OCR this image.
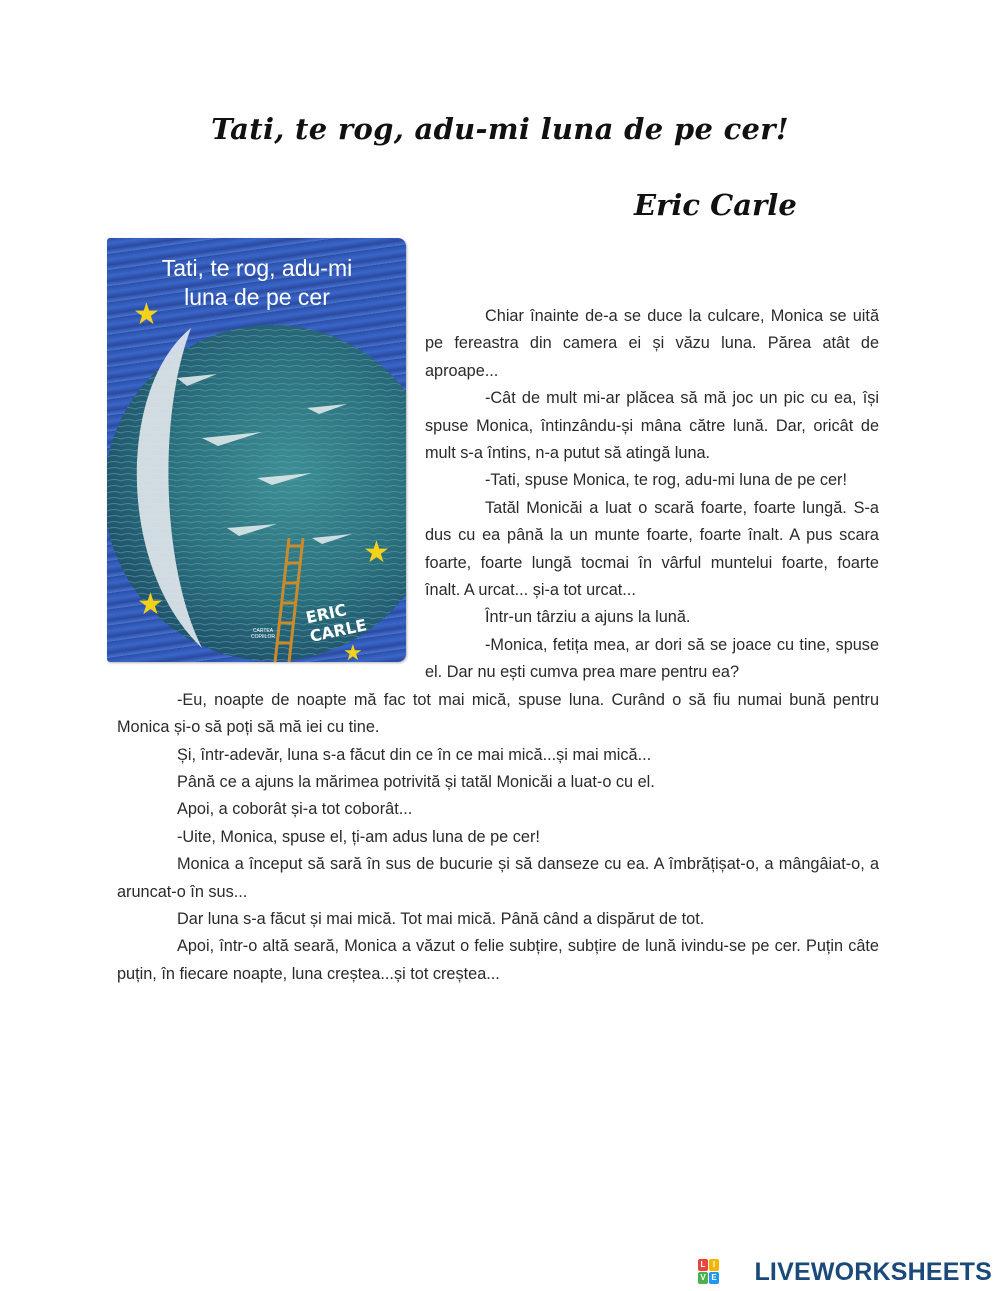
Tati, te rog, adu-mi luna de pe cer!
Eric Carle
Tati, te rog, adu-mi
luna de pe cer
★
★
★
★
ERIC CARLE
CARTEA COPIILOR

Chiar înainte de-a se duce la culcare, Monica se uită pe fereastra din camera ei și văzu luna. Părea atât de aproape...

-Cât de mult mi-ar plăcea să mă joc un pic cu ea, își spuse Monica, întinzându-și mâna către lună. Dar, oricât de mult s-a întins, n-a putut să atingă luna.

-Tati, spuse Monica, te rog, adu-mi luna de pe cer!

Tatăl Monicăi a luat o scară foarte, foarte lungă. S-a dus cu ea până la un munte foarte, foarte înalt. A pus scara foarte, foarte lungă tocmai în vârful muntelui foarte, foarte înalt. A urcat... și-a tot urcat...

Într-un târziu a ajuns la lună.

-Monica, fetița mea, ar dori să se joace cu tine, spuse el. Dar nu ești cumva prea mare pentru ea?

-Eu, noapte de noapte mă fac tot mai mică, spuse luna. Curând o să fiu numai bună pentru Monica și-o să poți să mă iei cu tine.

Și, într-adevăr, luna s-a făcut din ce în ce mai mică...și mai mică...

Până ce a ajuns la mărimea potrivită și tatăl Monicăi a luat-o cu el.

Apoi, a coborât și-a tot coborât...

-Uite, Monica, spuse el, ți-am adus luna de pe cer!

Monica a început să sară în sus de bucurie și să danseze cu ea. A îmbrățișat-o, a mângâiat-o, a aruncat-o în sus...

Dar luna s-a făcut și mai mică. Tot mai mică. Până când a dispărut de tot.

Apoi, într-o altă seară, Monica a văzut o felie subțire, subțire de lună ivindu-se pe cer. Puțin câte puțin, în fiecare noapte, luna creștea...și tot creștea...

L I
V E LIVEWORKSHEETS
